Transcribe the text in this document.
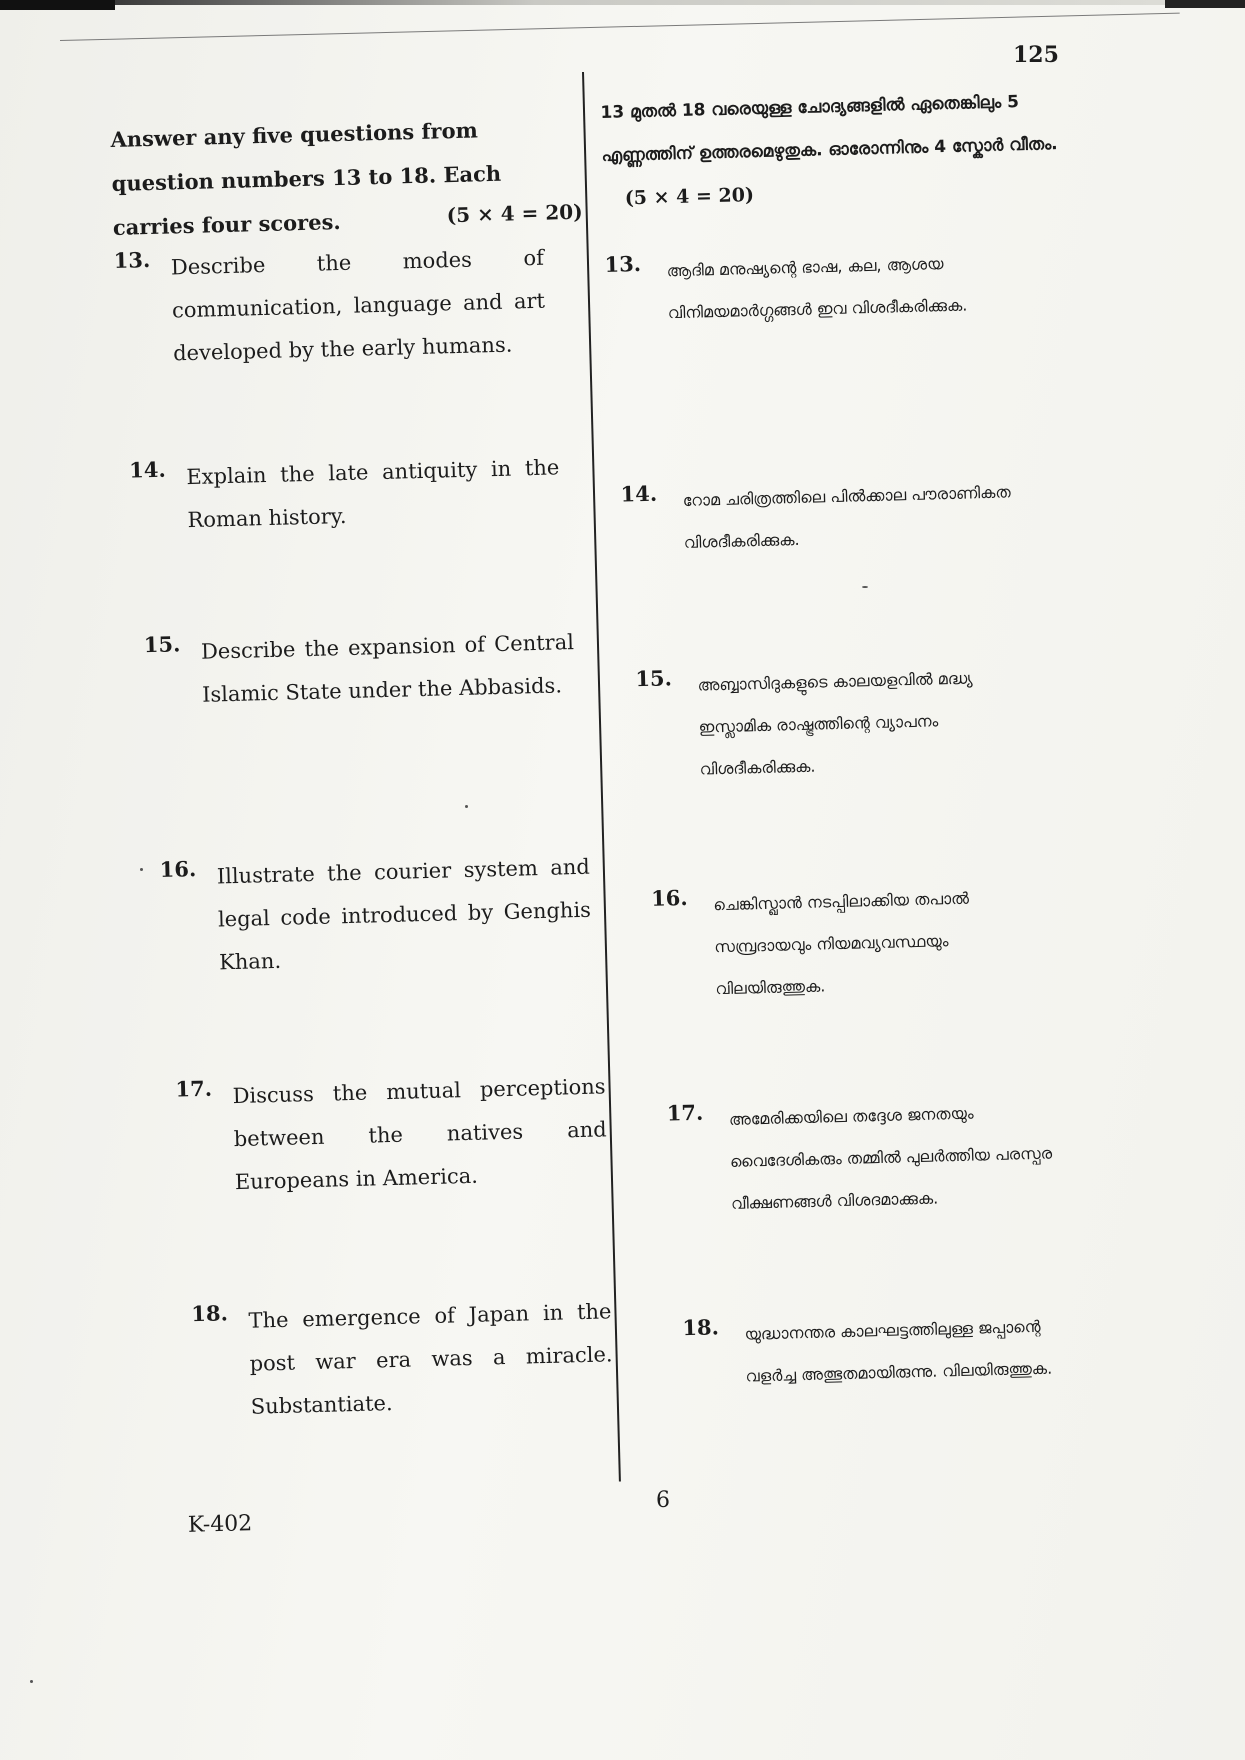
125
Answer any five questions from question numbers 13 to 18. Each carries four scores.	(5 × 4 = 20)
13. Describe the modes of communication, language and art developed by the early humans.
14. Explain the late antiquity in the Roman history.
15. Describe the expansion of Central Islamic State under the Abbasids.
16. Illustrate the courier system and legal code introduced by Genghis Khan.
17. Discuss the mutual perceptions between the natives and Europeans in America.
18. The emergence of Japan in the post war era was a miracle. Substantiate.
13 മുതൽ 18 വരെയുള്ള ചോദ്യങ്ങളിൽ ഏതെങ്കിലും 5 എണ്ണത്തിന് ഉത്തരമെഴുതുക. ഓരോന്നിനും 4 സ്കോർ വീതം. (5 × 4 = 20)
13. ആദിമ മനുഷ്യന്റെ ഭാഷ, കല, ആശയ വിനിമയമാർഗ്ഗങ്ങൾ ഇവ വിശദീകരിക്കുക.
14. റോമ ചരിത്രത്തിലെ പിൽക്കാല പൗരാണികത വിശദീകരിക്കുക.
15. അബ്ബാസിദുകളുടെ കാലയളവിൽ മദ്ധ്യ ഇസ്ലാമിക രാഷ്ട്രത്തിന്റെ വ്യാപനം വിശദീകരിക്കുക.
16. ചെങ്കിസ്ഖാൻ നടപ്പിലാക്കിയ തപാൽ സമ്പ്രദായവും നിയമവ്യവസ്ഥയും വിലയിരുത്തുക.
17. അമേരിക്കയിലെ തദ്ദേശ ജനതയും വൈദേശികരും തമ്മിൽ പുലർത്തിയ പരസ്പര വീക്ഷണങ്ങൾ വിശദമാക്കുക.
18. യുദ്ധാനന്തര കാലഘട്ടത്തിലുള്ള ജപ്പാന്റെ വളർച്ച അത്ഭുതമായിരുന്നു. വിലയിരുത്തുക.
6
K-402
